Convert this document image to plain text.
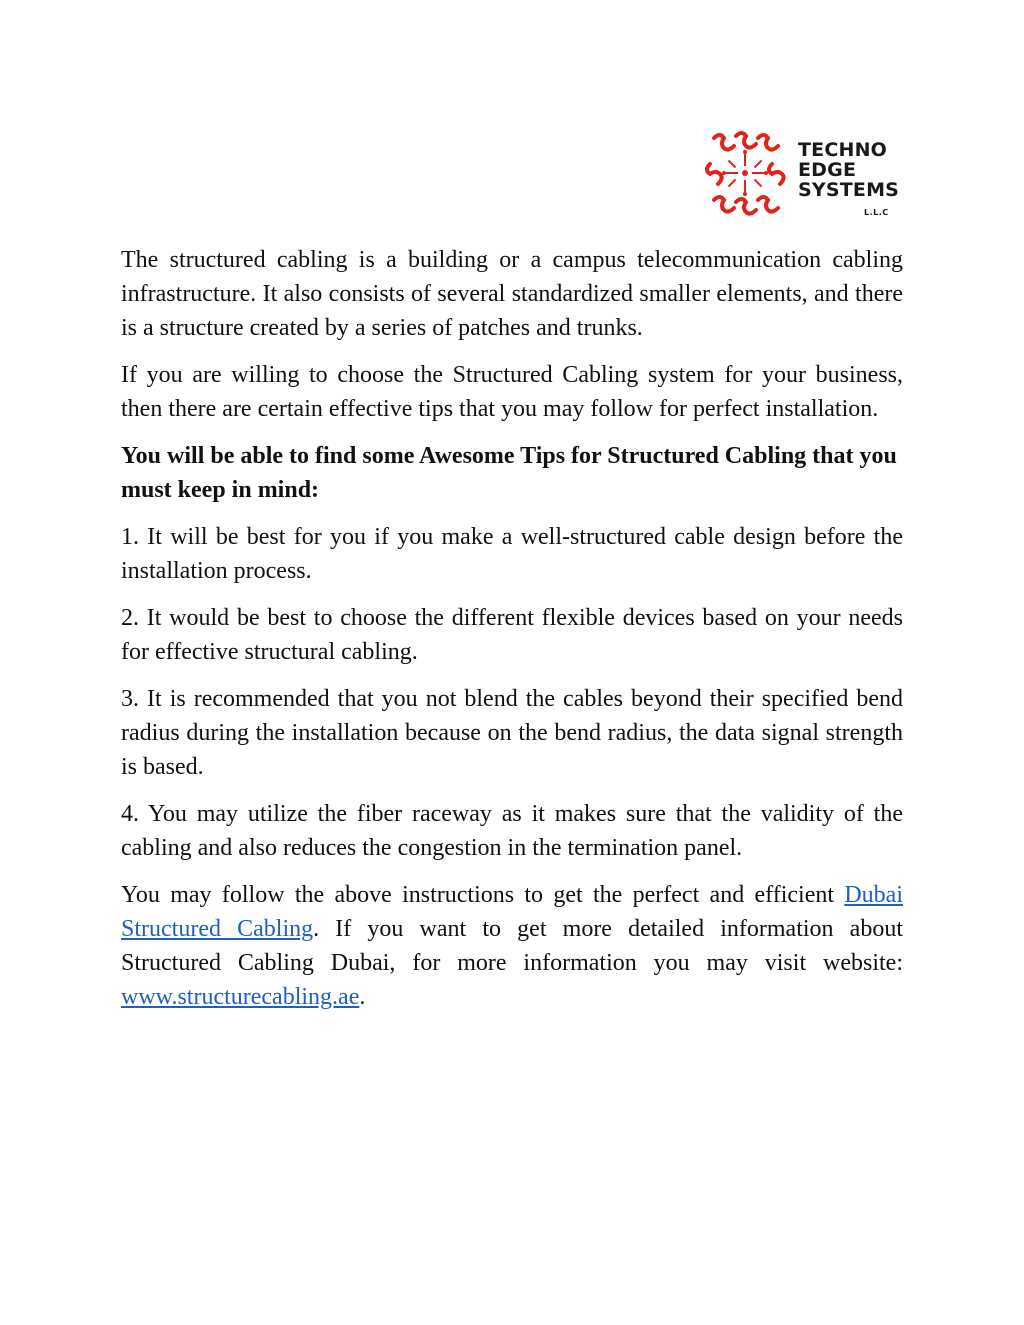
TECHNO
EDGE
SYSTEMS
L.L.C

The structured cabling is a building or a campus telecommunication cabling infrastructure. It also consists of several standardized smaller elements, and there is a structure created by a series of patches and trunks.

If you are willing to choose the Structured Cabling system for your business, then there are certain effective tips that you may follow for perfect installation.

You will be able to find some Awesome Tips for Structured Cabling that you must keep in mind:

1. It will be best for you if you make a well-structured cable design before the installation process.

2. It would be best to choose the different flexible devices based on your needs for effective structural cabling.

3. It is recommended that you not blend the cables beyond their specified bend radius during the installation because on the bend radius, the data signal strength is based.

4. You may utilize the fiber raceway as it makes sure that the validity of the cabling and also reduces the congestion in the termination panel.

You may follow the above instructions to get the perfect and efficient Dubai Structured Cabling. If you want to get more detailed information about Structured Cabling Dubai, for more information you may visit website: www.structurecabling.ae.
